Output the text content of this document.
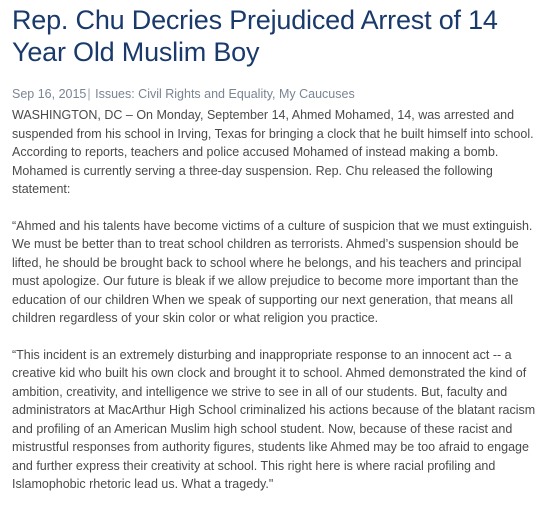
Rep. Chu Decries Prejudiced Arrest of 14 Year Old Muslim Boy
Sep 16, 2015| Issues: Civil Rights and Equality, My Caucuses

WASHINGTON, DC – On Monday, September 14, Ahmed Mohamed, 14, was arrested and suspended from his school in Irving, Texas for bringing a clock that he built himself into school. According to reports, teachers and police accused Mohamed of instead making a bomb. Mohamed is currently serving a three-day suspension. Rep. Chu released the following statement:

“Ahmed and his talents have become victims of a culture of suspicion that we must extinguish. We must be better than to treat school children as terrorists. Ahmed’s suspension should be lifted, he should be brought back to school where he belongs, and his teachers and principal must apologize. Our future is bleak if we allow prejudice to become more important than the education of our children When we speak of supporting our next generation, that means all children regardless of your skin color or what religion you practice.

“This incident is an extremely disturbing and inappropriate response to an innocent act -- a creative kid who built his own clock and brought it to school. Ahmed demonstrated the kind of ambition, creativity, and intelligence we strive to see in all of our students. But, faculty and administrators at MacArthur High School criminalized his actions because of the blatant racism and profiling of an American Muslim high school student. Now, because of these racist and mistrustful responses from authority figures, students like Ahmed may be too afraid to engage and further express their creativity at school. This right here is where racial profiling and Islamophobic rhetoric lead us. What a tragedy."
